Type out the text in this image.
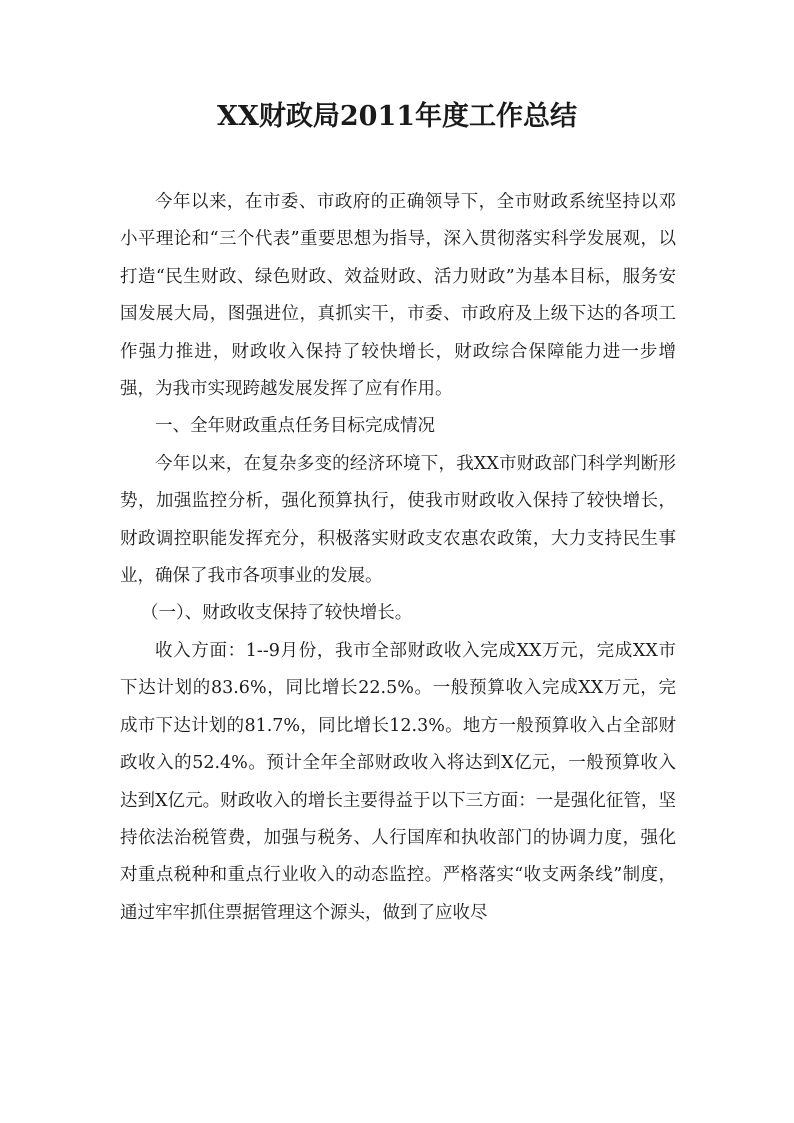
XX财政局2011年度工作总结

今年以来，在市委、市政府的正确领导下，全市财政系统坚持以邓小平理论和“三个代表”重要思想为指导，深入贯彻落实科学发展观，以打造“民生财政、绿色财政、效益财政、活力财政”为基本目标，服务安国发展大局，图强进位，真抓实干，市委、市政府及上级下达的各项工作强力推进，财政收入保持了较快增长，财政综合保障能力进一步增强，为我市实现跨越发展发挥了应有作用。

一、全年财政重点任务目标完成情况

今年以来，在复杂多变的经济环境下，我XX市财政部门科学判断形势，加强监控分析，强化预算执行，使我市财政收入保持了较快增长，财政调控职能发挥充分，积极落实财政支农惠农政策，大力支持民生事业，确保了我市各项事业的发展。

（一）、财政收支保持了较快增长。

收入方面：1--9月份，我市全部财政收入完成XX万元，完成XX市下达计划的83.6%，同比增长22.5%。一般预算收入完成XX万元，完成市下达计划的81.7%，同比增长12.3%。地方一般预算收入占全部财政收入的52.4%。预计全年全部财政收入将达到X亿元，一般预算收入达到X亿元。财政收入的增长主要得益于以下三方面：一是强化征管，坚持依法治税管费，加强与税务、人行国库和执收部门的协调力度，强化对重点税种和重点行业收入的动态监控。严格落实“收支两条线”制度，通过牢牢抓住票据管理这个源头，做到了应收尽
